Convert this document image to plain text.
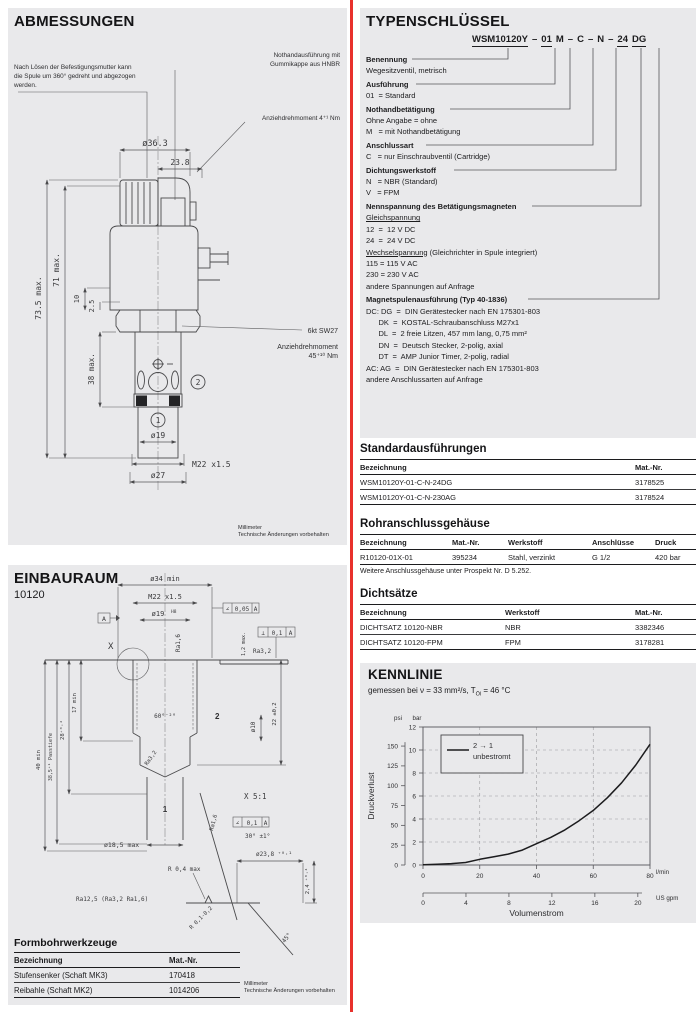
ABMESSUNGEN
Nach Lösen der Befestigungsmutter kann
die Spule um 360° gedreht und abgezogen
werden.
Nothandausführung mit
Gummikappe aus HNBR
Anziehdrehmoment 4⁺¹ Nm
ø36.3
23.8
2
1
73.5 max.
71 max.
10
2.5
38 max.
6kt SW27
Anziehdrehmoment
45⁺¹⁰ Nm
ø19
M22 x1.5
ø27
Millimeter
Technische Änderungen vorbehalten
EINBAURAUM
10120
ø34 min
M22 x1.5
ø19 H8	∠ 0,05 A
A
Ra1,6
⊥ 0,1 A
Ra3,2
X	1,2 max.
60°⁻²°	2
ø10
Ra3,2
1
40 min 38,5⁺¹ Passtiefe
28⁺⁰·²
17 min	22 ±0,2
ø18,5 max
X 5:1
Ra1,6	∠ 0,1 A
30° ±1°
ø23,8 ⁺⁰·¹
R 0,4 max
Ra12,5 (Ra3,2 Ra1,6)
R 0,1-0,2
2,4 ⁺⁰·⁴
45°
Millimeter
Technische Änderungen vorbehalten
Formbohrwerkzeuge
Bezeichnung	Mat.-Nr.
Stufensenker (Schaft MK3)	170418
Reibahle (Schaft MK2)	1014206
TYPENSCHLÜSSEL
WSM10120Y – 01 M – C – N – 24 DG
Benennung
Wegesitzventil, metrisch
Ausführung
01  = Standard
Nothandbetätigung
Ohne Angabe = ohne
M   = mit Nothandbetätigung
Anschlussart
C   = nur Einschraubventil (Cartridge)
Dichtungswerkstoff
N   = NBR (Standard)
V   = FPM
Nennspannung des Betätigungsmagneten
Gleichspannung
12  =  12 V DC
24  =  24 V DC
Wechselspannung (Gleichrichter in Spule integriert)
115 = 115 V AC
230 = 230 V AC
andere Spannungen auf Anfrage
Magnetspulenausführung (Typ 40-1836)
DC: DG  =  DIN Gerätestecker nach EN 175301-803
DK  =  KOSTAL-Schraubanschluss M27x1
DL  =  2 freie Litzen, 457 mm lang, 0,75 mm²
DN  =  Deutsch Stecker, 2-polig, axial
DT  =  AMP Junior Timer, 2-polig, radial
AC: AG  =  DIN Gerätestecker nach EN 175301-803
andere Anschlussarten auf Anfrage
Standardausführungen
Bezeichnung	Mat.-Nr.
WSM10120Y-01-C-N-24DG	3178525
WSM10120Y-01-C-N-230AG	3178524
Rohranschlussgehäuse
Bezeichnung	Mat.-Nr.	Werkstoff	Anschlüsse	Druck
R10120-01X-01	395234	Stahl, verzinkt	G 1/2	420 bar
Weitere Anschlussgehäuse unter Prospekt Nr. D 5.252.
Dichtsätze
Bezeichnung	Werkstoff	Mat.-Nr.
DICHTSATZ 10120-NBR	NBR	3382346
DICHTSATZ 10120-FPM	FPM	3178281
KENNLINIE
gemessen bei ν = 33 mm²/s, $T_{Öl} = 46$ °C
0
2
4
6
8
10
12
0
25
50
75
100
125
150
psi bar
0	20	40	60	80
l/min
0	4	8	12	16	20
US gpm
Volumenstrom
Druckverlust
2 → 1
unbestromt
